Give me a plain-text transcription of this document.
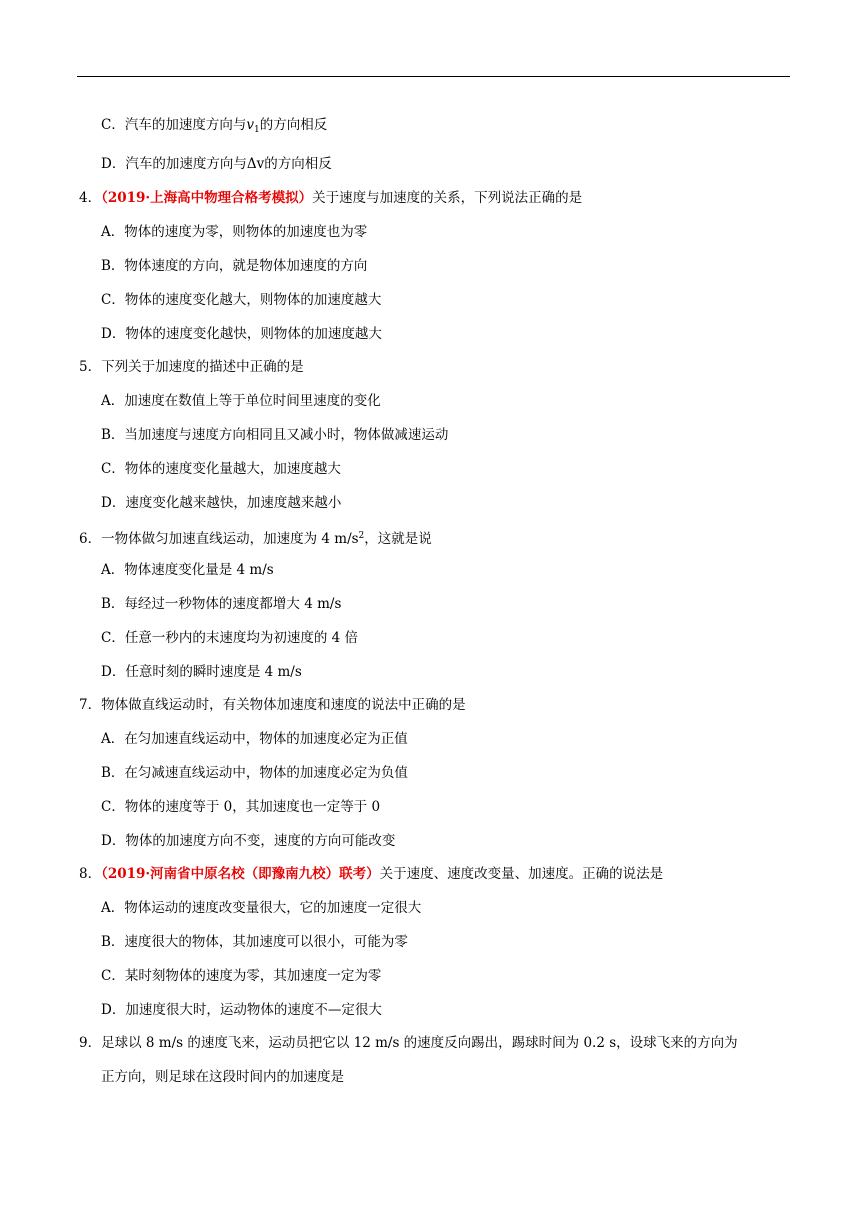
C．汽车的加速度方向与$v_1$的方向相反
D．汽车的加速度方向与Δv的方向相反
4．（2019·上海高中物理合格考模拟）关于速度与加速度的关系，下列说法正确的是
A．物体的速度为零，则物体的加速度也为零
B．物体速度的方向，就是物体加速度的方向
C．物体的速度变化越大，则物体的加速度越大
D．物体的速度变化越快，则物体的加速度越大
5．下列关于加速度的描述中正确的是
A．加速度在数值上等于单位时间里速度的变化
B．当加速度与速度方向相同且又减小时，物体做减速运动
C．物体的速度变化量越大，加速度越大
D．速度变化越来越快，加速度越来越小
6．一物体做匀加速直线运动，加速度为 4 $m/s^2$，这就是说
A．物体速度变化量是 4 m/s
B．每经过一秒物体的速度都增大 4 m/s
C．任意一秒内的末速度均为初速度的 4 倍
D．任意时刻的瞬时速度是 4 m/s
7．物体做直线运动时，有关物体加速度和速度的说法中正确的是
A．在匀加速直线运动中，物体的加速度必定为正值
B．在匀减速直线运动中，物体的加速度必定为负值
C．物体的速度等于 0，其加速度也一定等于 0
D．物体的加速度方向不变，速度的方向可能改变
8．（2019·河南省中原名校（即豫南九校）联考）关于速度、速度改变量、加速度。正确的说法是
A．物体运动的速度改变量很大，它的加速度一定很大
B．速度很大的物体，其加速度可以很小，可能为零
C．某时刻物体的速度为零，其加速度一定为零
D．加速度很大时，运动物体的速度不—定很大
9．足球以 8 m/s 的速度飞来，运动员把它以 12 m/s 的速度反向踢出，踢球时间为 0.2 s，设球飞来的方向为
正方向，则足球在这段时间内的加速度是
